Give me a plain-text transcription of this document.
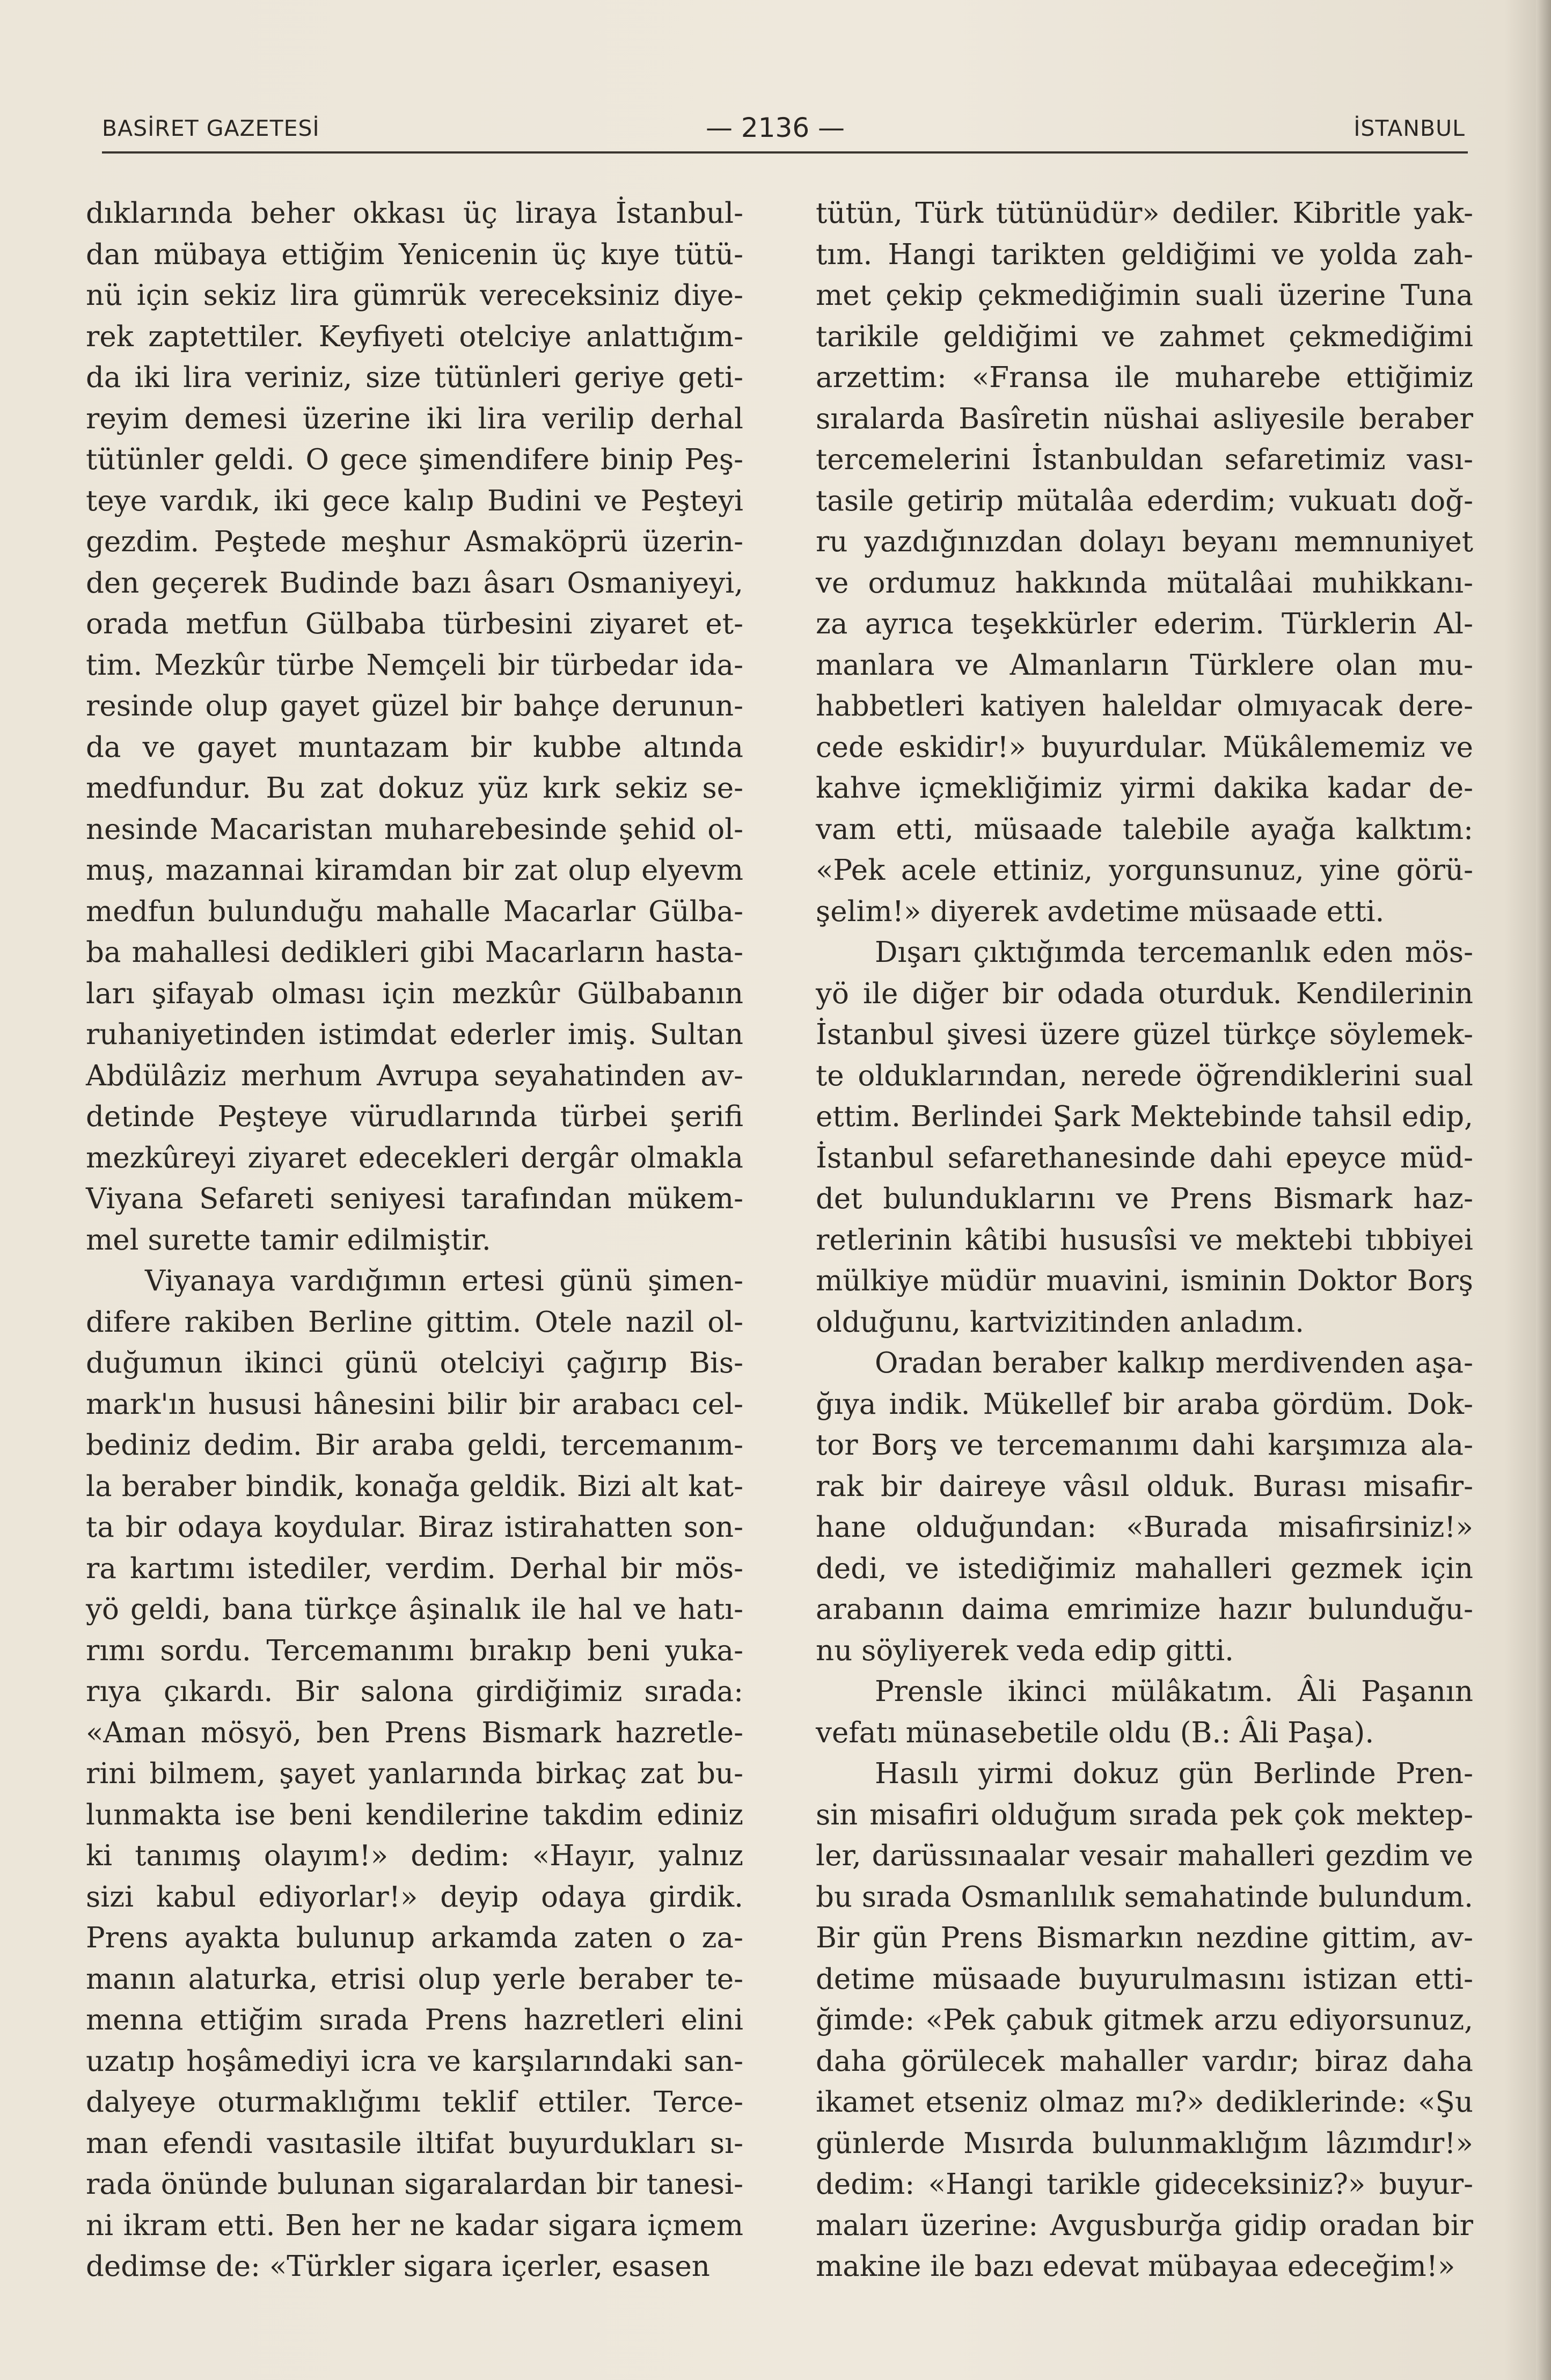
BASİRET GAZETESİ	— 2136 —	İSTANBUL
dıklarında beher okkası üç liraya İstanbul-
dan mübaya ettiğim Yenicenin üç kıye tütü-
nü için sekiz lira gümrük vereceksiniz diye-
rek zaptettiler. Keyfiyeti otelciye anlattığım-
da iki lira veriniz, size tütünleri geriye geti-
reyim demesi üzerine iki lira verilip derhal
tütünler geldi. O gece şimendifere binip Peş-
teye vardık, iki gece kalıp Budini ve Peşteyi
gezdim. Peştede meşhur Asmaköprü üzerin-
den geçerek Budinde bazı âsarı Osmaniyeyi,
orada metfun Gülbaba türbesini ziyaret et-
tim. Mezkûr türbe Nemçeli bir türbedar ida-
resinde olup gayet güzel bir bahçe derunun-
da ve gayet muntazam bir kubbe altında
medfundur. Bu zat dokuz yüz kırk sekiz se-
nesinde Macaristan muharebesinde şehid ol-
muş, mazannai kiramdan bir zat olup elyevm
medfun bulunduğu mahalle Macarlar Gülba-
ba mahallesi dedikleri gibi Macarların hasta-
ları şifayab olması için mezkûr Gülbabanın
ruhaniyetinden istimdat ederler imiş. Sultan
Abdülâziz merhum Avrupa seyahatinden av-
detinde Peşteye vürudlarında türbei şerifi
mezkûreyi ziyaret edecekleri dergâr olmakla
Viyana Sefareti seniyesi tarafından mükem-
mel surette tamir edilmiştir.
Viyanaya vardığımın ertesi günü şimen-
difere rakiben Berline gittim. Otele nazil ol-
duğumun ikinci günü otelciyi çağırıp Bis-
mark'ın hususi hânesini bilir bir arabacı cel-
bediniz dedim. Bir araba geldi, tercemanım-
la beraber bindik, konağa geldik. Bizi alt kat-
ta bir odaya koydular. Biraz istirahatten son-
ra kartımı istediler, verdim. Derhal bir mös-
yö geldi, bana türkçe âşinalık ile hal ve hatı-
rımı sordu. Tercemanımı bırakıp beni yuka-
rıya çıkardı. Bir salona girdiğimiz sırada:
«Aman mösyö, ben Prens Bismark hazretle-
rini bilmem, şayet yanlarında birkaç zat bu-
lunmakta ise beni kendilerine takdim ediniz
ki tanımış olayım!» dedim: «Hayır, yalnız
sizi kabul ediyorlar!» deyip odaya girdik.
Prens ayakta bulunup arkamda zaten o za-
manın alaturka, etrisi olup yerle beraber te-
menna ettiğim sırada Prens hazretleri elini
uzatıp hoşâmediyi icra ve karşılarındaki san-
dalyeye oturmaklığımı teklif ettiler. Terce-
man efendi vasıtasile iltifat buyurdukları sı-
rada önünde bulunan sigaralardan bir tanesi-
ni ikram etti. Ben her ne kadar sigara içmem
dedimse de: «Türkler sigara içerler, esasen
tütün, Türk tütünüdür» dediler. Kibritle yak-
tım. Hangi tarikten geldiğimi ve yolda zah-
met çekip çekmediğimin suali üzerine Tuna
tarikile geldiğimi ve zahmet çekmediğimi
arzettim: «Fransa ile muharebe ettiğimiz
sıralarda Basîretin nüshai asliyesile beraber
tercemelerini İstanbuldan sefaretimiz vası-
tasile getirip mütalâa ederdim; vukuatı doğ-
ru yazdığınızdan dolayı beyanı memnuniyet
ve ordumuz hakkında mütalâai muhikkanı-
za ayrıca teşekkürler ederim. Türklerin Al-
manlara ve Almanların Türklere olan mu-
habbetleri katiyen haleldar olmıyacak dere-
cede eskidir!» buyurdular. Mükâlememiz ve
kahve içmekliğimiz yirmi dakika kadar de-
vam etti, müsaade talebile ayağa kalktım:
«Pek acele ettiniz, yorgunsunuz, yine görü-
şelim!» diyerek avdetime müsaade etti.
Dışarı çıktığımda tercemanlık eden mös-
yö ile diğer bir odada oturduk. Kendilerinin
İstanbul şivesi üzere güzel türkçe söylemek-
te olduklarından, nerede öğrendiklerini sual
ettim. Berlindei Şark Mektebinde tahsil edip,
İstanbul sefarethanesinde dahi epeyce müd-
det bulunduklarını ve Prens Bismark haz-
retlerinin kâtibi hususîsi ve mektebi tıbbiyei
mülkiye müdür muavini, isminin Doktor Borş
olduğunu, kartvizitinden anladım.
Oradan beraber kalkıp merdivenden aşa-
ğıya indik. Mükellef bir araba gördüm. Dok-
tor Borş ve tercemanımı dahi karşımıza ala-
rak bir daireye vâsıl olduk. Burası misafir-
hane olduğundan: «Burada misafirsiniz!»
dedi, ve istediğimiz mahalleri gezmek için
arabanın daima emrimize hazır bulunduğu-
nu söyliyerek veda edip gitti.
Prensle ikinci mülâkatım. Âli Paşanın
vefatı münasebetile oldu (B.: Âli Paşa).
Hasılı yirmi dokuz gün Berlinde Pren-
sin misafiri olduğum sırada pek çok mektep-
ler, darüssınaalar vesair mahalleri gezdim ve
bu sırada Osmanlılık semahatinde bulundum.
Bir gün Prens Bismarkın nezdine gittim, av-
detime müsaade buyurulmasını istizan etti-
ğimde: «Pek çabuk gitmek arzu ediyorsunuz,
daha görülecek mahaller vardır; biraz daha
ikamet etseniz olmaz mı?» dediklerinde: «Şu
günlerde Mısırda bulunmaklığım lâzımdır!»
dedim: «Hangi tarikle gideceksiniz?» buyur-
maları üzerine: Avgusburğa gidip oradan bir
makine ile bazı edevat mübayaa edeceğim!»
